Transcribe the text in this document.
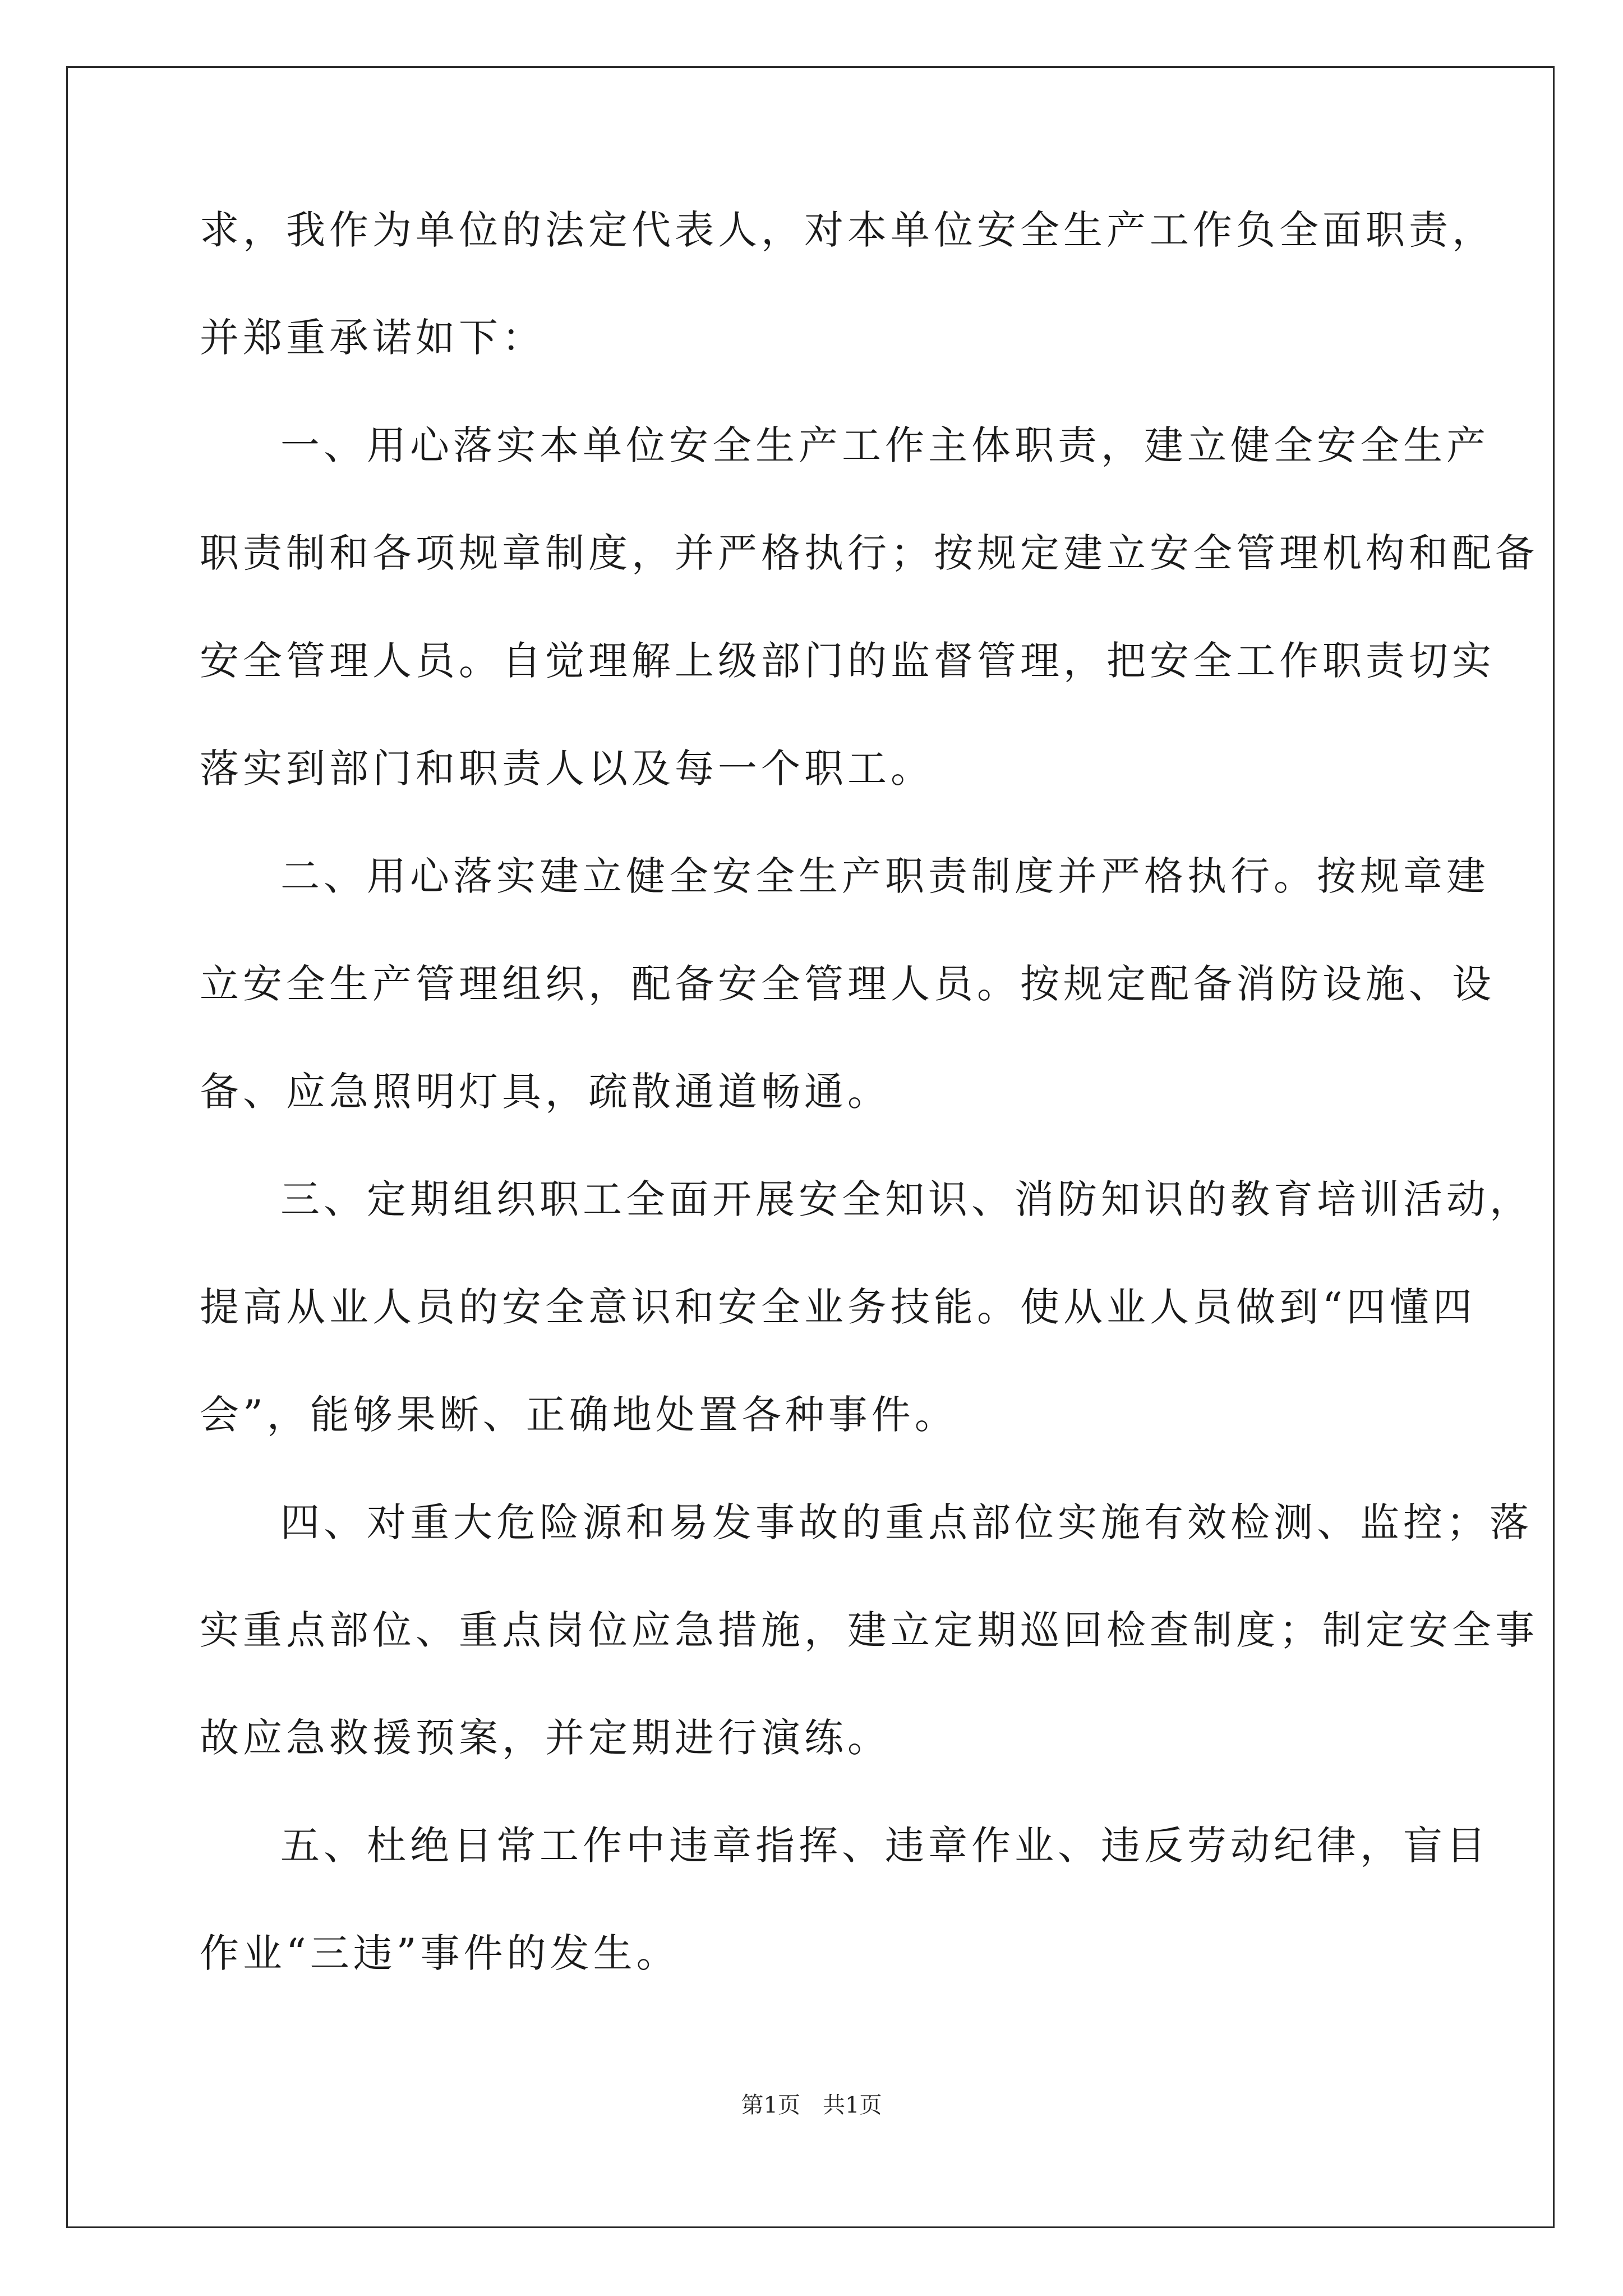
求，我作为单位的法定代表人，对本单位安全生产工作负全面职责，
并郑重承诺如下：
一、用心落实本单位安全生产工作主体职责，建立健全安全生产
职责制和各项规章制度，并严格执行；按规定建立安全管理机构和配备
安全管理人员。自觉理解上级部门的监督管理，把安全工作职责切实
落实到部门和职责人以及每一个职工。
二、用心落实建立健全安全生产职责制度并严格执行。按规章建
立安全生产管理组织，配备安全管理人员。按规定配备消防设施、设
备、应急照明灯具，疏散通道畅通。
三、定期组织职工全面开展安全知识、消防知识的教育培训活动，
提高从业人员的安全意识和安全业务技能。使从业人员做到“四懂四
会”，能够果断、正确地处置各种事件。
四、对重大危险源和易发事故的重点部位实施有效检测、监控；落
实重点部位、重点岗位应急措施，建立定期巡回检查制度；制定安全事
故应急救援预案，并定期进行演练。
五、杜绝日常工作中违章指挥、违章作业、违反劳动纪律，盲目
作业“三违”事件的发生。
第1页　共1页
